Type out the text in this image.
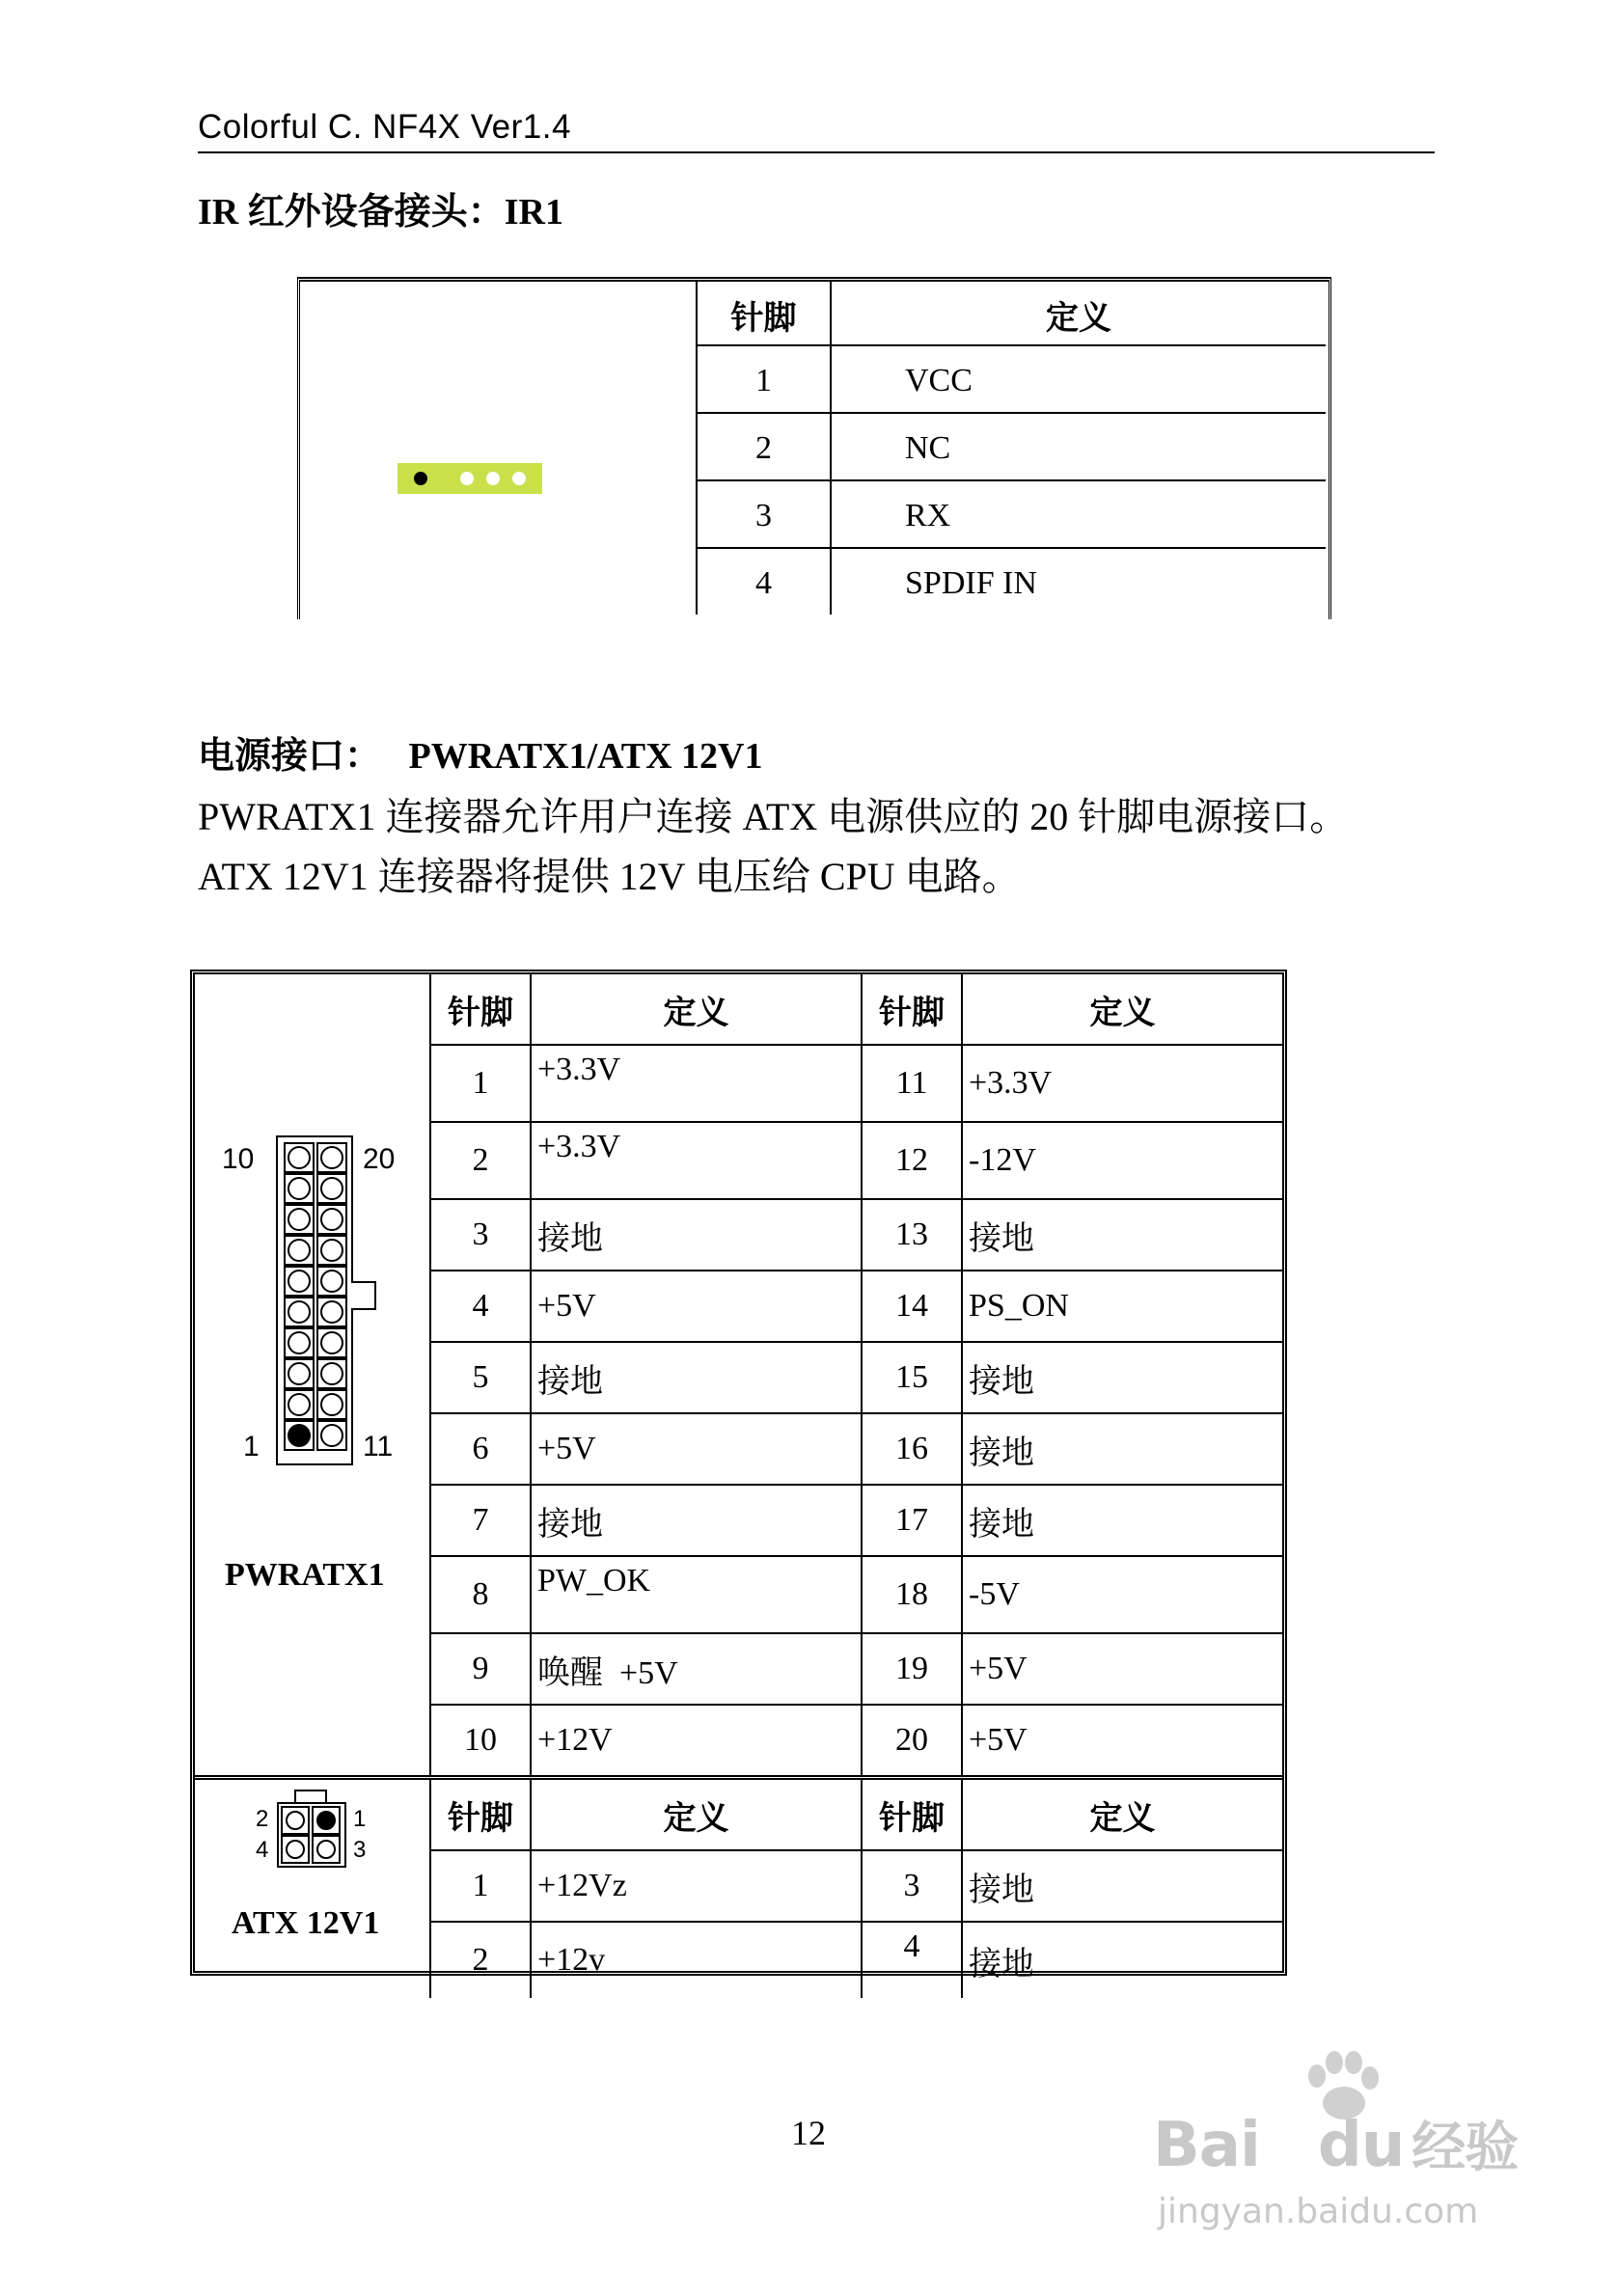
Colorful C. NF4X Ver1.4
IR 红外设备接头：IR1
针脚	定义
1	VCC
2	NC
3	RX
4	SPDIF IN
电源接口：   PWRATX1/ATX 12V1
PWRATX1 连接器允许用户连接 ATX 电源供应的 20 针脚电源接口。
ATX 12V1 连接器将提供 12V 电压给 CPU 电路。
	针脚	定义	针脚	定义
	1	+3.3V	11	+3.3V
	2	+3.3V	12	-12V
	3	接地	13	接地
	4	+5V	14	PS_ON
	5	接地	15	接地
	6	+5V	16	接地
	7	接地	17	接地
	8	PW_OK	18	-5V
	9	唤醒  +5V	19	+5V
	10	+12V	20	+5V
	针脚	定义	针脚	定义
	1	+12Vz	3	接地
	2	+12v	4	接地
10	20
1	11
PWRATX1
2	1
4	3
ATX 12V1
12	Bai du 经验
jingyan.baidu.com
